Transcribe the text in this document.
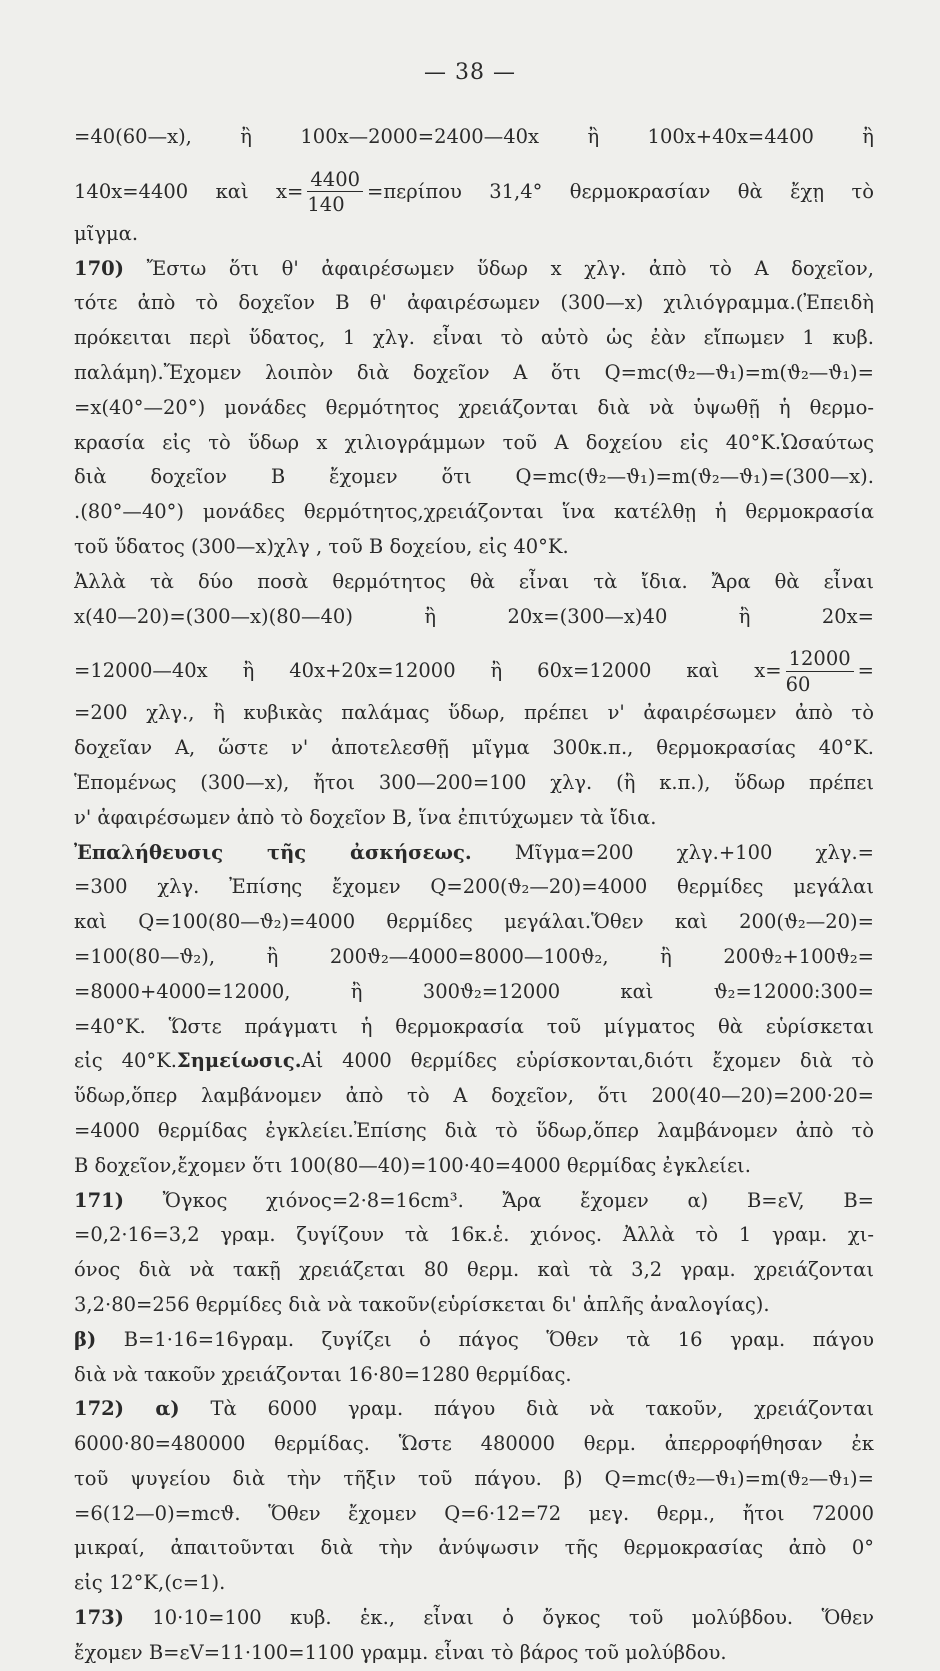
— 38 —
=40(60—x), ἢ 100x—2000=2400—40x ἢ 100x+40x=4400 ἢ
140x=4400 καὶ $x= \frac{4400}{140} =\pi\varepsilon\rho ί\pi o\upsilon$ 31,4° θερμοκρασίαν θὰ ἔχῃ τὸ
μῖγμα.
170) Ἔστω ὅτι θ' ἀφαιρέσωμεν ὕδωρ x χλγ. ἀπὸ τὸ Α δοχεῖον,
τότε ἀπὸ τὸ δοχεῖον Β θ' ἀφαιρέσωμεν (300—x) χιλιόγραμμα.(Ἐπειδὴ
πρόκειται περὶ ὕδατος, 1 χλγ. εἶναι τὸ αὐτὸ ὡς ἐὰν εἴπωμεν 1 κυβ.
παλάμη).Ἔχομεν λοιπὸν διὰ δοχεῖον Α ὅτι Q=mc(ϑ₂—ϑ₁)=m(ϑ₂—ϑ₁)=
=x(40°—20°) μονάδες θερμότητος χρειάζονται διὰ νὰ ὑψωθῇ ἡ θερμο-
κρασία εἰς τὸ ὕδωρ x χιλιογράμμων τοῦ Α δοχείου εἰς 40°Κ.Ὡσαύτως
διὰ δοχεῖον Β ἔχομεν ὅτι Q=mc(ϑ₂—ϑ₁)=m(ϑ₂—ϑ₁)=(300—x).
.(80°—40°) μονάδες θερμότητος,χρειάζονται ἵνα κατέλθῃ ἡ θερμοκρασία
τοῦ ὕδατος (300—x)χλγ , τοῦ Β δοχείου, εἰς 40°Κ.
Ἀλλὰ τὰ δύο ποσὰ θερμότητος θὰ εἶναι τὰ ἴδια. Ἄρα θὰ εἶναι
x(40—20)=(300—x)(80—40) ἢ 20x=(300—x)40 ἢ 20x=
=12000—40x ἢ 40x+20x=12000 ἢ 60x=12000 καὶ $x= \frac{12000}{60}$ =
=200 χλγ., ἢ κυβικὰς παλάμας ὕδωρ, πρέπει ν' ἀφαιρέσωμεν ἀπὸ τὸ
δοχεῖαν Α, ὥστε ν' ἀποτελεσθῇ μῖγμα 300κ.π., θερμοκρασίας 40°Κ.
Ἑπομένως (300—x), ἤτοι 300—200=100 χλγ. (ἢ κ.π.), ὕδωρ πρέπει
ν' ἀφαιρέσωμεν ἀπὸ τὸ δοχεῖον Β, ἵνα ἐπιτύχωμεν τὰ ἴδια.
Ἐπαλήθευσις τῆς ἀσκήσεως. Μῖγμα=200 χλγ.+100 χλγ.=
=300 χλγ. Ἐπίσης ἔχομεν Q=200(ϑ₂—20)=4000 θερμίδες μεγάλαι
καὶ Q=100(80—ϑ₂)=4000 θερμίδες μεγάλαι.Ὅθεν καὶ 200(ϑ₂—20)=
=100(80—ϑ₂), ἢ 200ϑ₂—4000=8000—100ϑ₂, ἢ 200ϑ₂+100ϑ₂=
=8000+4000=12000, ἢ 300ϑ₂=12000 καὶ ϑ₂=12000:300=
=40°Κ. Ὥστε πράγματι ἡ θερμοκρασία τοῦ μίγματος θὰ εὑρίσκεται
εἰς 40°Κ.Σημείωσις.Αἱ 4000 θερμίδες εὑρίσκονται,διότι ἔχομεν διὰ τὸ
ὕδωρ,ὅπερ λαμβάνομεν ἀπὸ τὸ Α δοχεῖον, ὅτι 200(40—20)=200·20=
=4000 θερμίδας ἐγκλείει.Ἐπίσης διὰ τὸ ὕδωρ,ὅπερ λαμβάνομεν ἀπὸ τὸ
Β δοχεῖον,ἔχομεν ὅτι 100(80—40)=100·40=4000 θερμίδας ἐγκλείει.
171) Ὄγκος χιόνος=2·8=16cm³. Ἄρα ἔχομεν α) Β=εV, Β=
=0,2·16=3,2 γραμ. ζυγίζουν τὰ 16κ.ἑ. χιόνος. Ἀλλὰ τὸ 1 γραμ. χι-
όνος διὰ νὰ τακῇ χρειάζεται 80 θερμ. καὶ τὰ 3,2 γραμ. χρειάζονται
3,2·80=256 θερμίδες διὰ νὰ τακοῦν(εὑρίσκεται δι' ἁπλῆς ἀναλογίας).
β) Β=1·16=16γραμ. ζυγίζει ὁ πάγος Ὅθεν τὰ 16 γραμ. πάγου
διὰ νὰ τακοῦν χρειάζονται 16·80=1280 θερμίδας.
172) α) Τὰ 6000 γραμ. πάγου διὰ νὰ τακοῦν, χρειάζονται
6000·80=480000 θερμίδας. Ὥστε 480000 θερμ. ἀπερροφήθησαν ἐκ
τοῦ ψυγείου διὰ τὴν τῆξιν τοῦ πάγου. β) Q=mc(ϑ₂—ϑ₁)=m(ϑ₂—ϑ₁)=
=6(12—0)=mcϑ. Ὅθεν ἔχομεν Q=6·12=72 μεγ. θερμ., ἤτοι 72000
μικραί, ἀπαιτοῦνται διὰ τὴν ἀνύψωσιν τῆς θερμοκρασίας ἀπὸ 0°
εἰς 12°Κ,(c=1).
173) 10·10=100 κυβ. ἑκ., εἶναι ὁ ὄγκος τοῦ μολύβδου. Ὅθεν
ἔχομεν Β=εV=11·100=1100 γραμμ. εἶναι τὸ βάρος τοῦ μολύβδου.
